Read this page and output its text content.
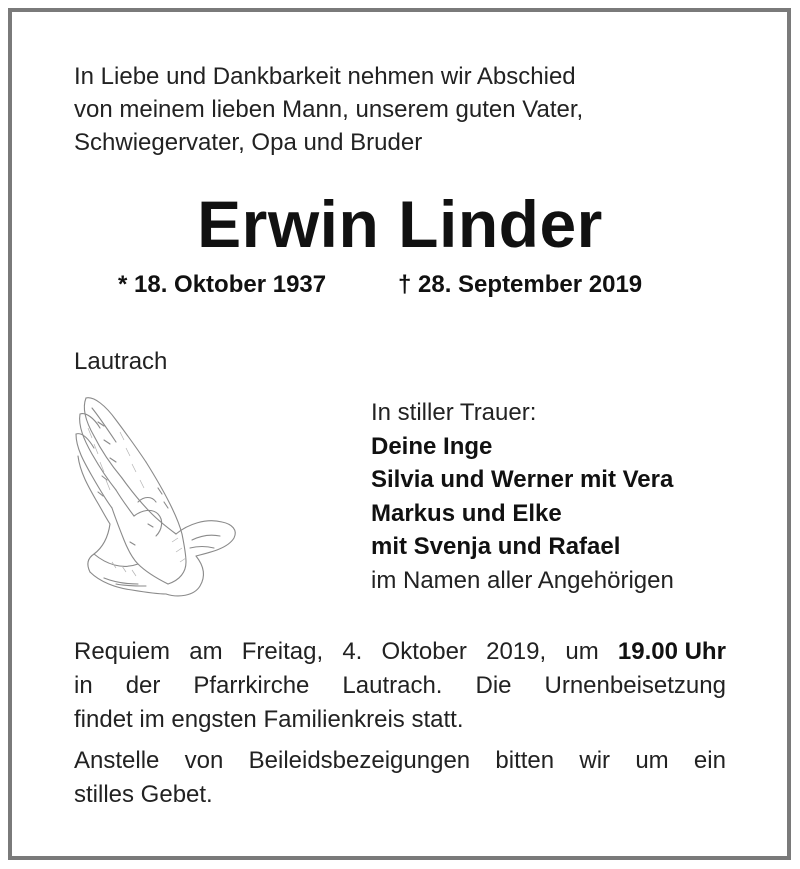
In Liebe und Dankbarkeit nehmen wir Abschied
von meinem lieben Mann, unserem guten Vater,
Schwiegervater, Opa und Bruder
Erwin Linder
* 18. Oktober 1937	† 28. September 2019
Lautrach
In stiller Trauer:
Deine Inge
Silvia und Werner mit Vera
Markus und Elke
mit Svenja und Rafael
im Namen aller Angehörigen
Requiem am Freitag, 4. Oktober 2019, um 19.00 Uhr
in der Pfarrkirche Lautrach. Die Urnenbeisetzung
findet im engsten Familienkreis statt.
Anstelle von Beileidsbezeigungen bitten wir um ein
stilles Gebet.
